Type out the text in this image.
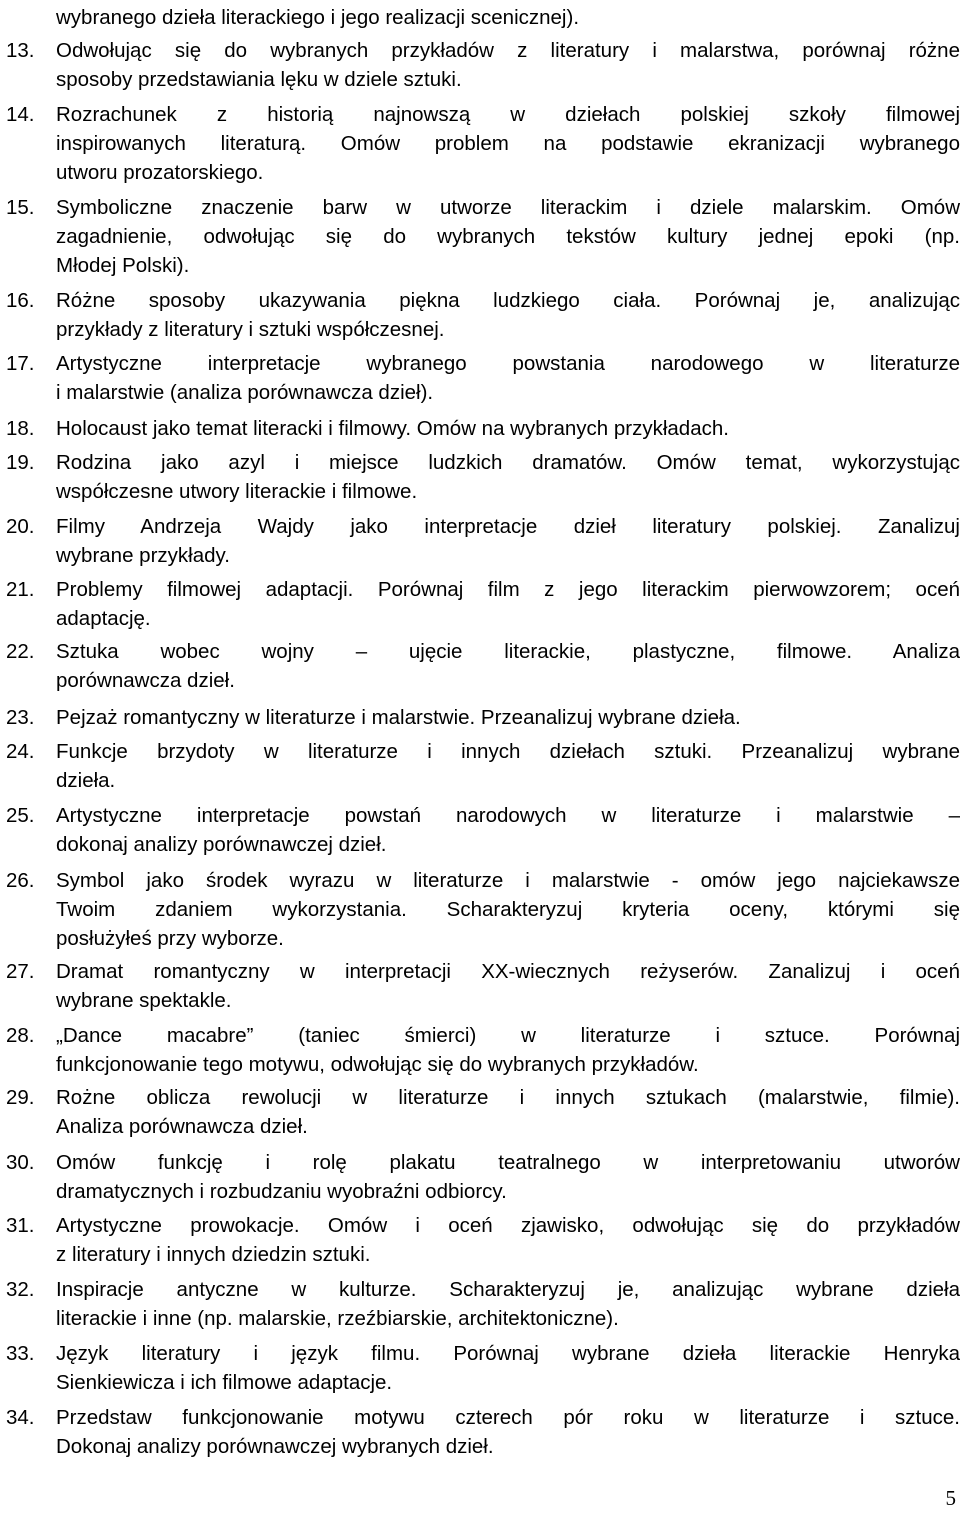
wybranego dzieła literackiego i jego realizacji scenicznej).
13.	Odwołując się do wybranych przykładów z literatury i malarstwa, porównaj różne
sposoby przedstawiania lęku w dziele sztuki.
14.	Rozrachunek z historią najnowszą w dziełach polskiej szkoły filmowej
inspirowanych literaturą. Omów problem na podstawie ekranizacji wybranego
utworu prozatorskiego.
15.	Symboliczne znaczenie barw w utworze literackim i dziele malarskim. Omów
zagadnienie, odwołując się do wybranych tekstów kultury jednej epoki (np.
Młodej Polski).
16.	Różne sposoby ukazywania piękna ludzkiego ciała. Porównaj je, analizując
przykłady z literatury i sztuki współczesnej.
17.	Artystyczne interpretacje wybranego powstania narodowego w literaturze
i malarstwie (analiza porównawcza dzieł).
18.	Holocaust jako temat literacki i filmowy. Omów na wybranych przykładach.
19.	Rodzina jako azyl i miejsce ludzkich dramatów. Omów temat, wykorzystując
współczesne utwory literackie i filmowe.
20.	Filmy Andrzeja Wajdy jako interpretacje dzieł literatury polskiej. Zanalizuj
wybrane przykłady.
21.	Problemy filmowej adaptacji. Porównaj film z jego literackim pierwowzorem; oceń
adaptację.
22.	Sztuka wobec wojny – ujęcie literackie, plastyczne, filmowe. Analiza
porównawcza dzieł.
23.	Pejzaż romantyczny w literaturze i malarstwie. Przeanalizuj wybrane dzieła.
24.	Funkcje brzydoty w literaturze i innych dziełach sztuki. Przeanalizuj wybrane
dzieła.
25.	Artystyczne interpretacje powstań narodowych w literaturze i malarstwie –
dokonaj analizy porównawczej dzieł.
26.	Symbol jako środek wyrazu w literaturze i malarstwie - omów jego najciekawsze
Twoim zdaniem wykorzystania. Scharakteryzuj kryteria oceny, którymi się
posłużyłeś przy wyborze.
27.	Dramat romantyczny w interpretacji XX-wiecznych reżyserów. Zanalizuj i oceń
wybrane spektakle.
28.	„Dance macabre” (taniec śmierci) w literaturze i sztuce. Porównaj
funkcjonowanie tego motywu, odwołując się do wybranych przykładów.
29.	Rożne oblicza rewolucji w literaturze i innych sztukach (malarstwie, filmie).
Analiza porównawcza dzieł.
30.	Omów funkcję i rolę plakatu teatralnego w interpretowaniu utworów
dramatycznych i rozbudzaniu wyobraźni odbiorcy.
31.	Artystyczne prowokacje. Omów i oceń zjawisko, odwołując się do przykładów
z literatury i innych dziedzin sztuki.
32.	Inspiracje antyczne w kulturze. Scharakteryzuj je, analizując wybrane dzieła
literackie i inne (np. malarskie, rzeźbiarskie, architektoniczne).
33.	Język literatury i język filmu. Porównaj wybrane dzieła literackie Henryka
Sienkiewicza i ich filmowe adaptacje.
34.	Przedstaw funkcjonowanie motywu czterech pór roku w literaturze i sztuce.
Dokonaj analizy porównawczej wybranych dzieł.
5
